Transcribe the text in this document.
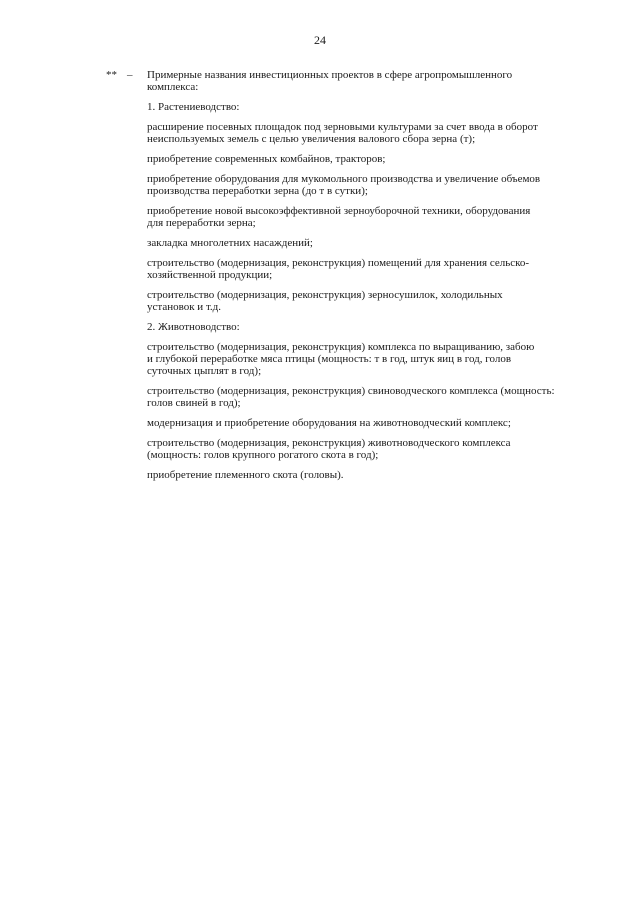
24
** – Примерные названия инвестиционных проектов в сфере агропромышленного
комплекса:

1. Растениеводство:

расширение посевных площадок под зерновыми культурами за счет ввода в оборот
неиспользуемых земель с целью увеличения валового сбора зерна (т);

приобретение современных комбайнов, тракторов;

приобретение оборудования для мукомольного производства и увеличение объемов
производства переработки зерна (до т в сутки);

приобретение новой высокоэффективной зерноуборочной техники, оборудования
для переработки зерна;

закладка многолетних насаждений;

строительство (модернизация, реконструкция) помещений для хранения сельско-
хозяйственной продукции;

строительство (модернизация, реконструкция) зерносушилок, холодильных
установок и т.д.

2. Животноводство:

строительство (модернизация, реконструкция) комплекса по выращиванию, забою
и глубокой переработке мяса птицы (мощность: т в год, штук яиц в год, голов
суточных цыплят в год);

строительство (модернизация, реконструкция) свиноводческого комплекса (мощность:
голов свиней в год);

модернизация и приобретение оборудования на животноводческий комплекс;

строительство (модернизация, реконструкция) животноводческого комплекса
(мощность: голов крупного рогатого скота в год);

приобретение племенного скота (головы).
